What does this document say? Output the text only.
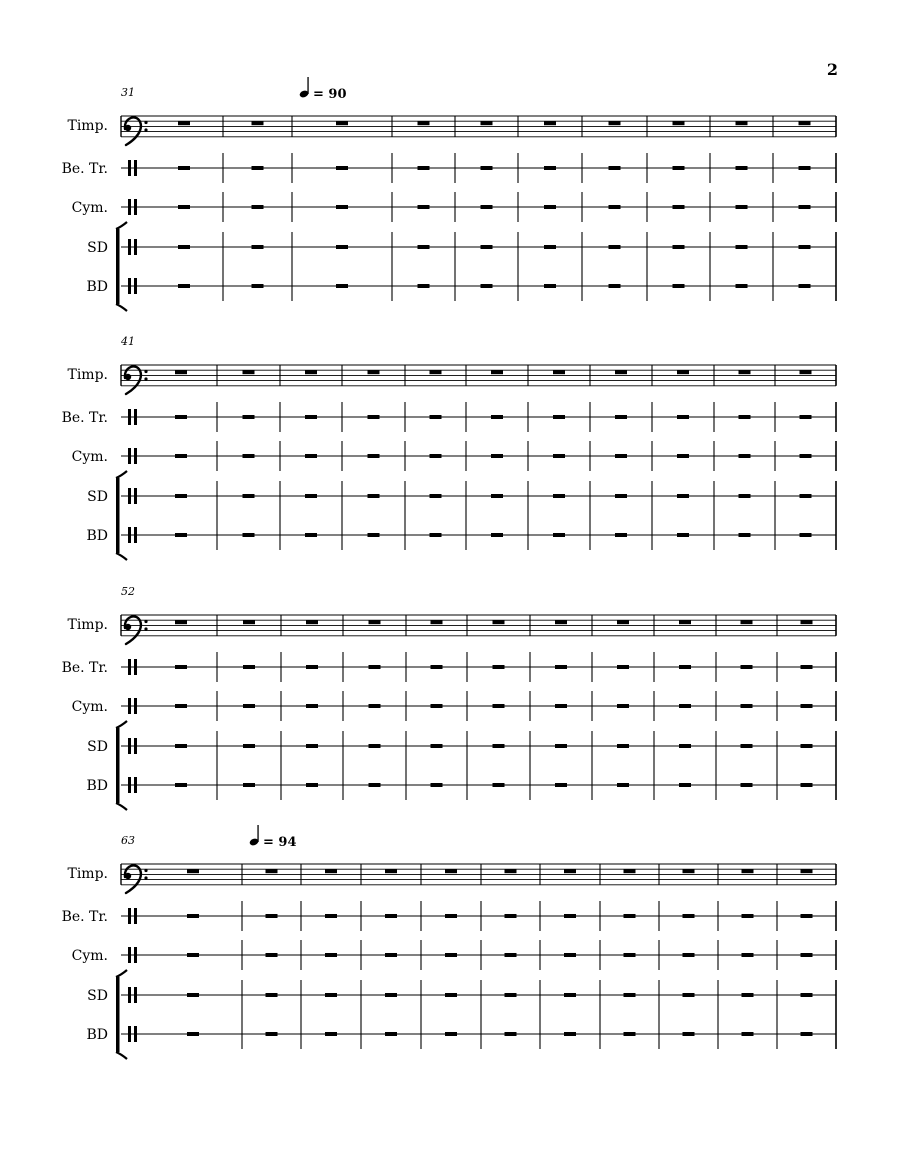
2
31	= 90
Timp.
Be. Tr.
Cym.
SD
BD
41
Timp.
Be. Tr.
Cym.
SD
BD
52
Timp.
Be. Tr.
Cym.
SD
BD
63	= 94
Timp.
Be. Tr.
Cym.
SD
BD
